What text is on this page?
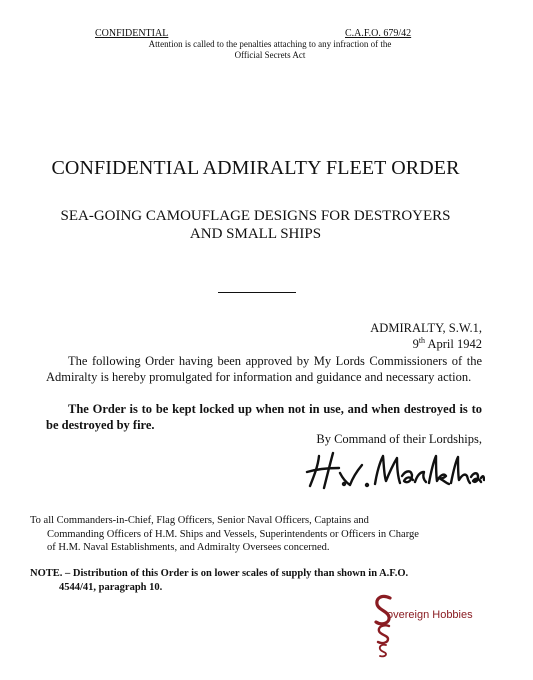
CONFIDENTIAL	C.A.F.O. 679/42
Attention is called to the penalties attaching to any infraction of the
Official Secrets Act
CONFIDENTIAL ADMIRALTY FLEET ORDER
SEA-GOING CAMOUFLAGE DESIGNS FOR DESTROYERS
AND SMALL SHIPS
ADMIRALTY, S.W.1,
9th April 1942
The following Order having been approved by My Lords Commissioners of the Admiralty is hereby promulgated for information and guidance and necessary action.
The Order is to be kept locked up when not in use, and when destroyed is to be destroyed by fire.
By Command of their Lordships,
To all Commanders-in-Chief, Flag Officers, Senior Naval Officers, Captains and
Commanding Officers of H.M. Ships and Vessels, Superintendents or Officers in Charge
of H.M. Naval Establishments, and Admiralty Oversees concerned.
NOTE. – Distribution of this Order is on lower scales of supply than shown in A.F.O.
4544/41, paragraph 10.
overeign Hobbies
